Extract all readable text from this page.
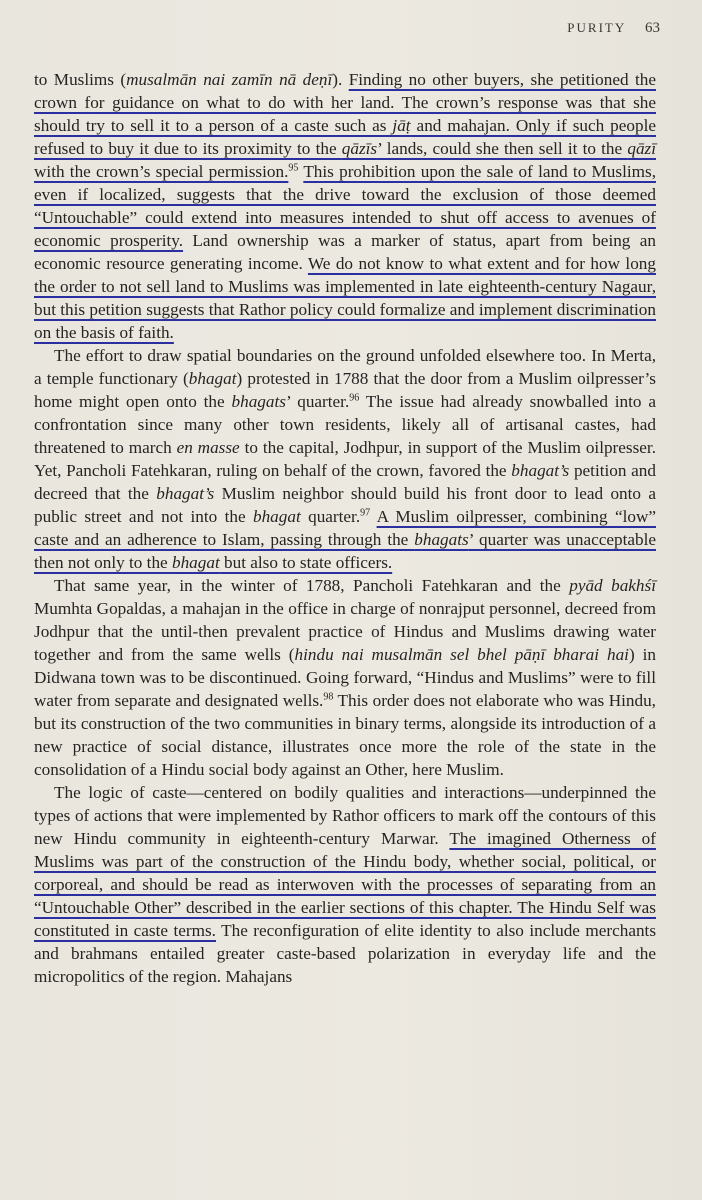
PURITY 63

to Muslims (musalmān nai zamīn nā deṇī). Finding no other buyers, she petitioned the crown for guidance on what to do with her land. The crown’s response was that she should try to sell it to a person of a caste such as jāṭ and mahajan. Only if such people refused to buy it due to its proximity to the qāzīs’ lands, could she then sell it to the qāzī with the crown’s special permission.$^{95}$ This prohibition upon the sale of land to Muslims, even if localized, suggests that the drive toward the exclusion of those deemed “Untouchable” could extend into measures intended to shut off access to avenues of economic prosperity. Land ownership was a marker of status, apart from being an economic resource generating income. We do not know to what extent and for how long the order to not sell land to Muslims was implemented in late eighteenth-century Nagaur, but this petition suggests that Rathor policy could formalize and implement discrimination on the basis of faith.

The effort to draw spatial boundaries on the ground unfolded elsewhere too. In Merta, a temple functionary (bhagat) protested in 1788 that the door from a Muslim oilpresser’s home might open onto the bhagats’ quarter.$^{96}$ The issue had already snowballed into a confrontation since many other town residents, likely all of artisanal castes, had threatened to march en masse to the capital, Jodhpur, in support of the Muslim oilpresser. Yet, Pancholi Fatehkaran, ruling on behalf of the crown, favored the bhagat’s petition and decreed that the bhagat’s Muslim neighbor should build his front door to lead onto a public street and not into the bhagat quarter.$^{97}$ A Muslim oilpresser, combining “low” caste and an adherence to Islam, passing through the bhagats’ quarter was unacceptable then not only to the bhagat but also to state officers.

That same year, in the winter of 1788, Pancholi Fatehkaran and the pyād bakhśī Mumhta Gopaldas, a mahajan in the office in charge of nonrajput personnel, decreed from Jodhpur that the until-then prevalent practice of Hindus and Muslims drawing water together and from the same wells (hindu nai musalmān sel bhel pāṇī bharai hai) in Didwana town was to be discontinued. Going forward, “Hindus and Muslims” were to fill water from separate and designated wells.$^{98}$ This order does not elaborate who was Hindu, but its construction of the two communities in binary terms, alongside its introduction of a new practice of social distance, illustrates once more the role of the state in the consolidation of a Hindu social body against an Other, here Muslim.

The logic of caste—centered on bodily qualities and interactions—underpinned the types of actions that were implemented by Rathor officers to mark off the contours of this new Hindu community in eighteenth-century Marwar. The imagined Otherness of Muslims was part of the construction of the Hindu body, whether social, political, or corporeal, and should be read as interwoven with the processes of separating from an “Untouchable Other” described in the earlier sections of this chapter. The Hindu Self was constituted in caste terms. The reconfiguration of elite identity to also include merchants and brahmans entailed greater caste-based polarization in everyday life and the micropolitics of the region. Mahajans
